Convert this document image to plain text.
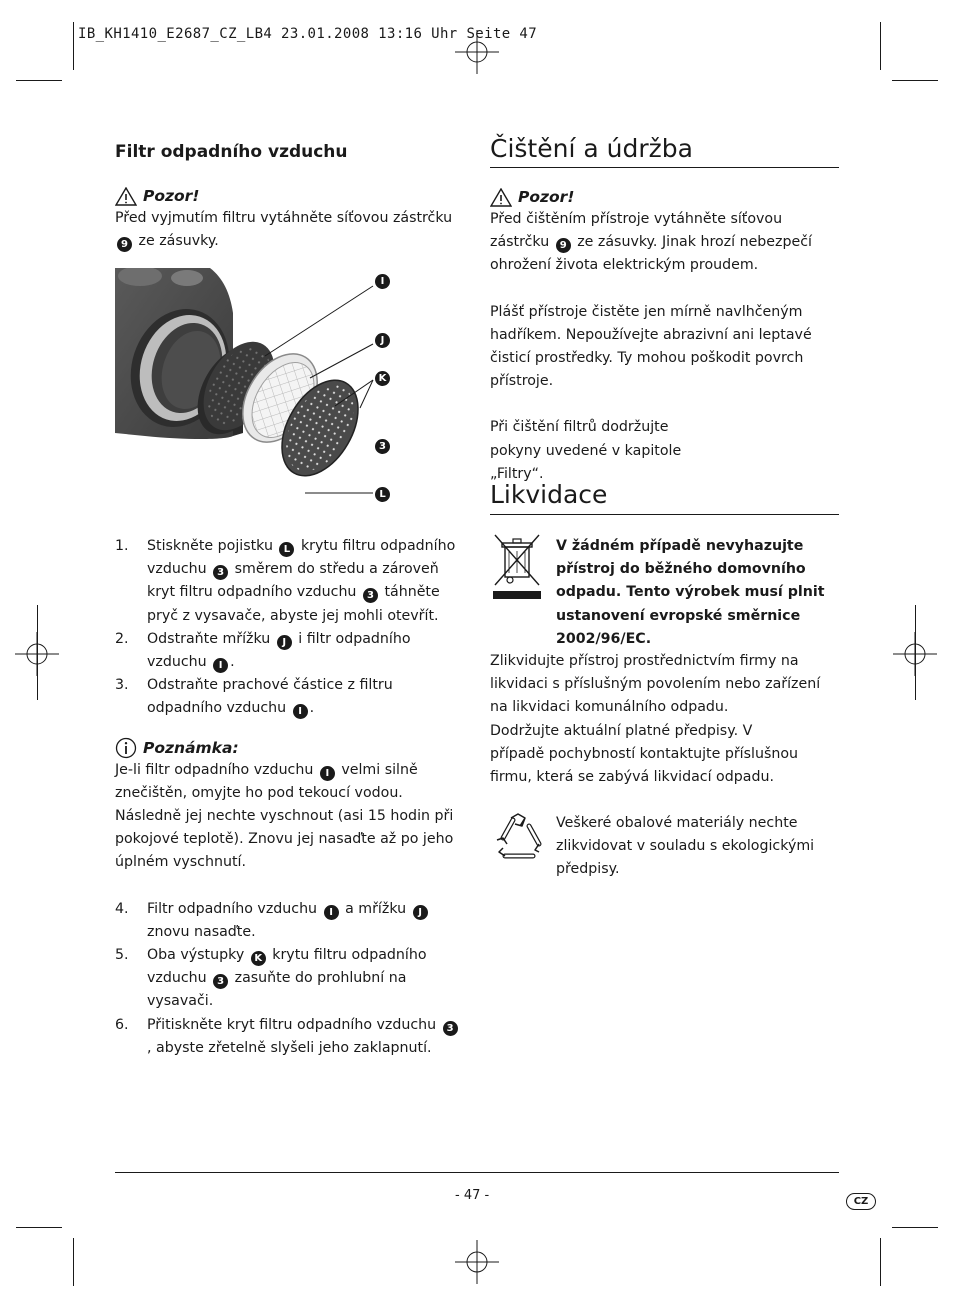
IB_KH1410_E2687_CZ_LB4 23.01.2008 13:16 Uhr Seite 47
Filtr odpadního vzduchu
Pozor!

Před vyjmutím filtru vytáhněte síťovou zástrčku 9 ze zásuvky.

I
J
K
3
L
1. Stiskněte pojistku L krytu filtru odpadního vzduchu 3 směrem do středu a zároveň kryt filtru odpadního vzduchu 3 táhněte pryč z vysavače, abyste jej mohli otevřít.
2. Odstraňte mřížku J i filtr odpadního vzduchu I .
3. Odstraňte prachové částice z filtru odpadního vzduchu I .
Poznámka:

Je-li filtr odpadního vzduchu I velmi silně znečištěn, omyjte ho pod tekoucí vodou. Následně jej nechte vyschnout (asi 15 hodin při pokojové teplotě). Znovu jej nasaďte až po jeho úplném vyschnutí.

4. Filtr odpadního vzduchu I a mřížku J znovu nasaďte.
5. Oba výstupky K krytu filtru odpadního vzduchu 3 zasuňte do prohlubní na vysavači.
6. Přitiskněte kryt filtru odpadního vzduchu 3, abyste zřetelně slyšeli jeho zaklapnutí.
Čištění a údržba
Pozor!

Před čištěním přístroje vytáhněte síťovou zástrčku 9 ze zásuvky. Jinak hrozí nebezpečí ohrožení života elektrickým proudem.

Plášť přístroje čistěte jen mírně navlhčeným hadříkem. Nepoužívejte abrazivní ani leptavé čisticí prostředky. Ty mohou poškodit povrch přístroje.

Při čištění filtrů dodržujte pokyny uvedené v kapitole „Filtry“.

Likvidace

V žádném případě nevyhazujte přístroj do běžného domovního odpadu. Tento výrobek musí plnit ustanovení evropské směrnice 2002/96/EC.

Zlikvidujte přístroj prostřednictvím firmy na likvidaci s příslušným povolením nebo zařízení na likvidaci komunálního odpadu.

Dodržujte aktuální platné předpisy. V případě pochybností kontaktujte příslušnou firmu, která se zabývá likvidací odpadu.

Veškeré obalové materiály nechte zlikvidovat v souladu s ekologickými předpisy.

- 47 -	CZ
